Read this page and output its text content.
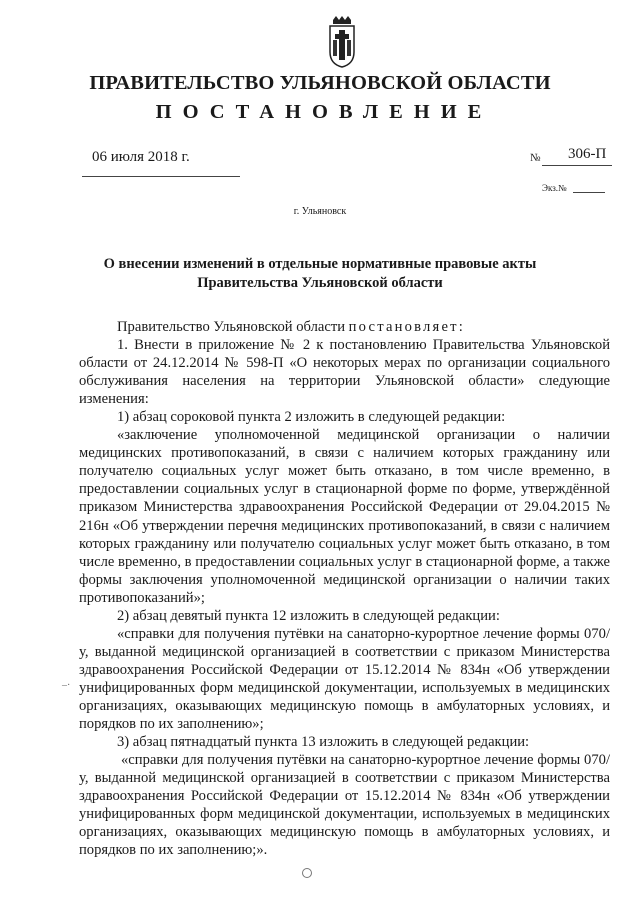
ПРАВИТЕЛЬСТВО УЛЬЯНОВСКОЙ ОБЛАСТИ
ПОСТАНОВЛЕНИЕ
06 июля 2018 г.	№ 306-П
Экз.№
г. Ульяновск
О внесении изменений в отдельные нормативные правовые акты
Правительства Ульяновской области

Правительство Ульяновской области постановляет:

1. Внести в приложение № 2 к постановлению Правительства Ульяновской области от 24.12.2014 № 598-П «О некоторых мерах по организации социального обслуживания населения на территории Ульяновской области» следующие изменения:

1) абзац сороковой пункта 2 изложить в следующей редакции:

«заключение уполномоченной медицинской организации о наличии медицинских противопоказаний, в связи с наличием которых гражданину или получателю социальных услуг может быть отказано, в том числе временно, в предоставлении социальных услуг в стационарной форме по форме, утверждённой приказом Министерства здравоохранения Российской Федерации от 29.04.2015 № 216н «Об утверждении перечня медицинских противопоказаний, в связи с наличием которых гражданину или получателю социальных услуг может быть отказано, в том числе временно, в предоставлении социальных услуг в стационарной форме, а также формы заключения уполномоченной медицинской организации о наличии таких противопоказаний»;

2) абзац девятый пункта 12 изложить в следующей редакции:

«справки для получения путёвки на санаторно-курортное лечение формы 070/у, выданной медицинской организацией в соответствии с приказом Министерства здравоохранения Российской Федерации от 15.12.2014 № 834н «Об утверждении унифицированных форм медицинской документации, используемых в медицинских организациях, оказывающих медицинскую помощь в амбулаторных условиях, и порядков по их заполнению»;

3) абзац пятнадцатый пункта 13 изложить в следующей редакции:

«справки для получения путёвки на санаторно-курортное лечение формы 070/у, выданной медицинской организацией в соответствии с приказом Министерства здравоохранения Российской Федерации от 15.12.2014 № 834н «Об утверждении унифицированных форм медицинской документации, используемых в медицинских организациях, оказывающих медицинскую помощь в амбулаторных условиях, и порядков по их заполнению;».

–·
